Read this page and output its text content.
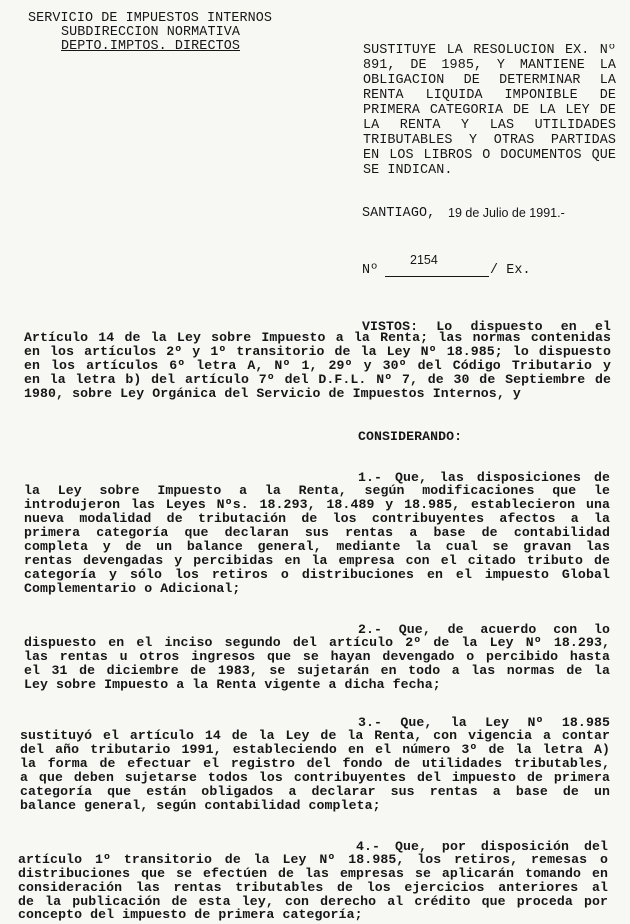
SERVICIO DE IMPUESTOS INTERNOS
SUBDIRECCION NORMATIVA
DEPTO.IMPTOS. DIRECTOS	SUSTITUYE LA RESOLUCION EX. Nº
891, DE 1985, Y MANTIENE LA
OBLIGACION DE DETERMINAR LA
RENTA LIQUIDA IMPONIBLE DE
PRIMERA CATEGORIA DE LA LEY DE
LA RENTA Y LAS UTILIDADES
TRIBUTABLES Y OTRAS PARTIDAS
EN LOS LIBROS O DOCUMENTOS QUE
SE INDICAN.
SANTIAGO, 19 de Julio de 1991.-
Nº
2154
/ Ex.
VISTOS: Lo dispuesto en el
Artículo 14 de la Ley sobre Impuesto a la Renta; las normas contenidas
en los artículos 2º y 1º transitorio de la Ley Nº 18.985; lo dispuesto
en los artículos 6º letra A, Nº 1, 29º y 30º del Código Tributario y
en la letra b) del artículo 7º del D.F.L. Nº 7, de 30 de Septiembre de
1980, sobre Ley Orgánica del Servicio de Impuestos Internos, y
CONSIDERANDO:
1.- Que, las disposiciones de
la Ley sobre Impuesto a la Renta, según modificaciones que le
introdujeron las Leyes Nºs. 18.293, 18.489 y 18.985, establecieron una
nueva modalidad de tributación de los contribuyentes afectos a la
primera categoría que declaran sus rentas a base de contabilidad
completa y de un balance general, mediante la cual se gravan las
rentas devengadas y percibidas en la empresa con el citado tributo de
categoría y sólo los retiros o distribuciones en el impuesto Global
Complementario o Adicional;
2.- Que, de acuerdo con lo
dispuesto en el inciso segundo del artículo 2º de la Ley Nº 18.293,
las rentas u otros ingresos que se hayan devengado o percibido hasta
el 31 de diciembre de 1983, se sujetarán en todo a las normas de la
Ley sobre Impuesto a la Renta vigente a dicha fecha;
3.- Que, la Ley Nº 18.985
sustituyó el artículo 14 de la Ley de la Renta, con vigencia a contar
del año tributario 1991, estableciendo en el número 3º de la letra A)
la forma de efectuar el registro del fondo de utilidades tributables,
a que deben sujetarse todos los contribuyentes del impuesto de primera
categoría que están obligados a declarar sus rentas a base de un
balance general, según contabilidad completa;
4.- Que, por disposición del
artículo 1º transitorio de la Ley Nº 18.985, los retiros, remesas o
distribuciones que se efectúen de las empresas se aplicarán tomando en
consideración las rentas tributables de los ejercicios anteriores al
de la publicación de esta ley, con derecho al crédito que proceda por
concepto del impuesto de primera categoría;
